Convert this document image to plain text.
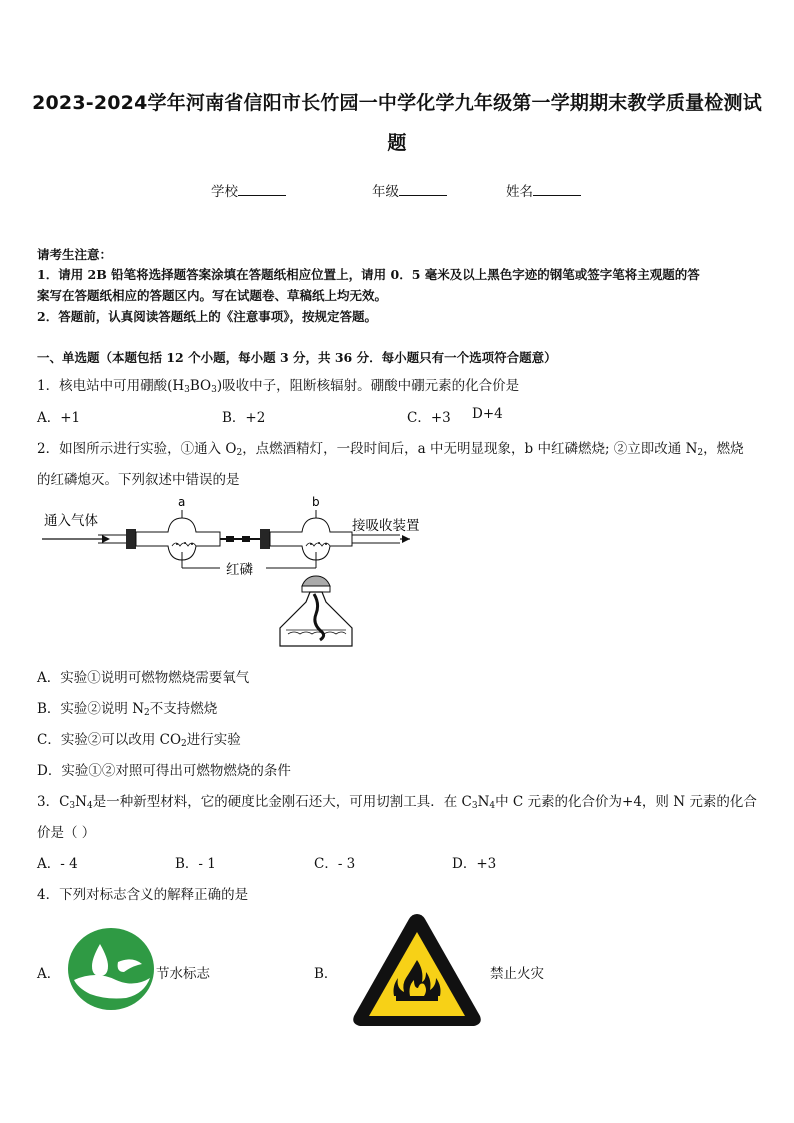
2023-2024学年河南省信阳市长竹园一中学化学九年级第一学期期末教学质量检测试
题
学校	年级	姓名
请考生注意：
1．请用 2B 铅笔将选择题答案涂填在答题纸相应位置上，请用 0．5 毫米及以上黑色字迹的钢笔或签字笔将主观题的答
案写在答题纸相应的答题区内。写在试题卷、草稿纸上均无效。
2．答题前，认真阅读答题纸上的《注意事项》，按规定答题。
一、单选题（本题包括 12 个小题，每小题 3 分，共 36 分．每小题只有一个选项符合题意）
1．核电站中可用硼酸$(H_3BO_3)$吸收中子，阻断核辐射。硼酸中硼元素的化合价是
A．+1	B．+2	C．+3 D+4
2．如图所示进行实验，①通入 $O_2$，点燃酒精灯，一段时间后，a 中无明显现象，b 中红磷燃烧; ②立即改通 $N_2$，燃烧
的红磷熄灭。下列叙述中错误的是
通入气体
a	b
接吸收装置
红磷
A．实验①说明可燃物燃烧需要氧气
B．实验②说明 $N_2$不支持燃烧
C．实验②可以改用 $CO_2$进行实验
D．实验①②对照可得出可燃物燃烧的条件
3．$C_3N_4$是一种新型材料，它的硬度比金刚石还大，可用切割工具．在 $C_3N_4$中 C 元素的化合价为+4，则 N 元素的化合
价是（ ）
A．- 4	B．- 1	C．- 3	D．+3
4．下列对标志含义的解释正确的是
A．	节水标志	B．	禁止火灾
